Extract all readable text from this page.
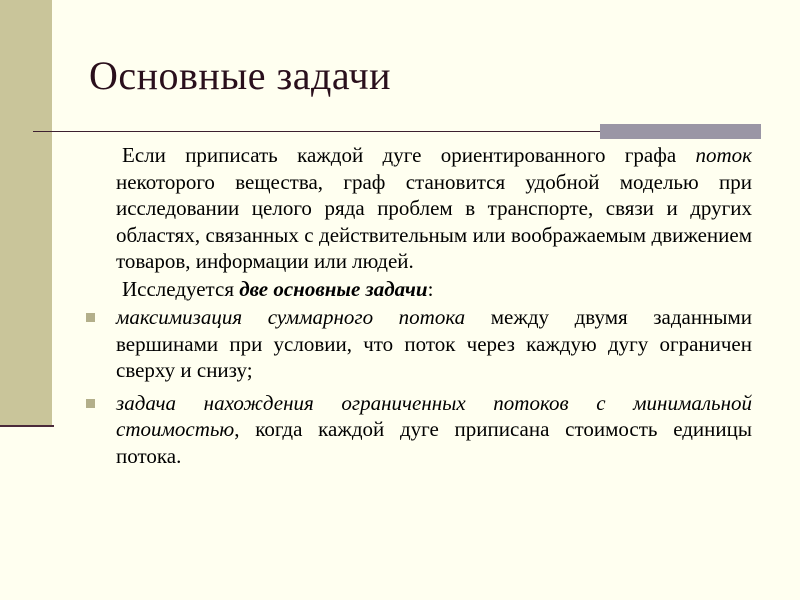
Основные задачи

Если приписать каждой дуге ориентированного графа поток некоторого вещества, граф становится удобной моделью при исследовании целого ряда проблем в транспорте, связи и других областях, связанных с действительным или воображаемым движением товаров, информации или людей.

Исследуется две основные задачи:

максимизация суммарного потока между двумя заданными вершинами при условии, что поток через каждую дугу ограничен сверху и снизу;
задача нахождения ограниченных потоков с минимальной стоимостью, когда каждой дуге приписана стоимость единицы потока.
